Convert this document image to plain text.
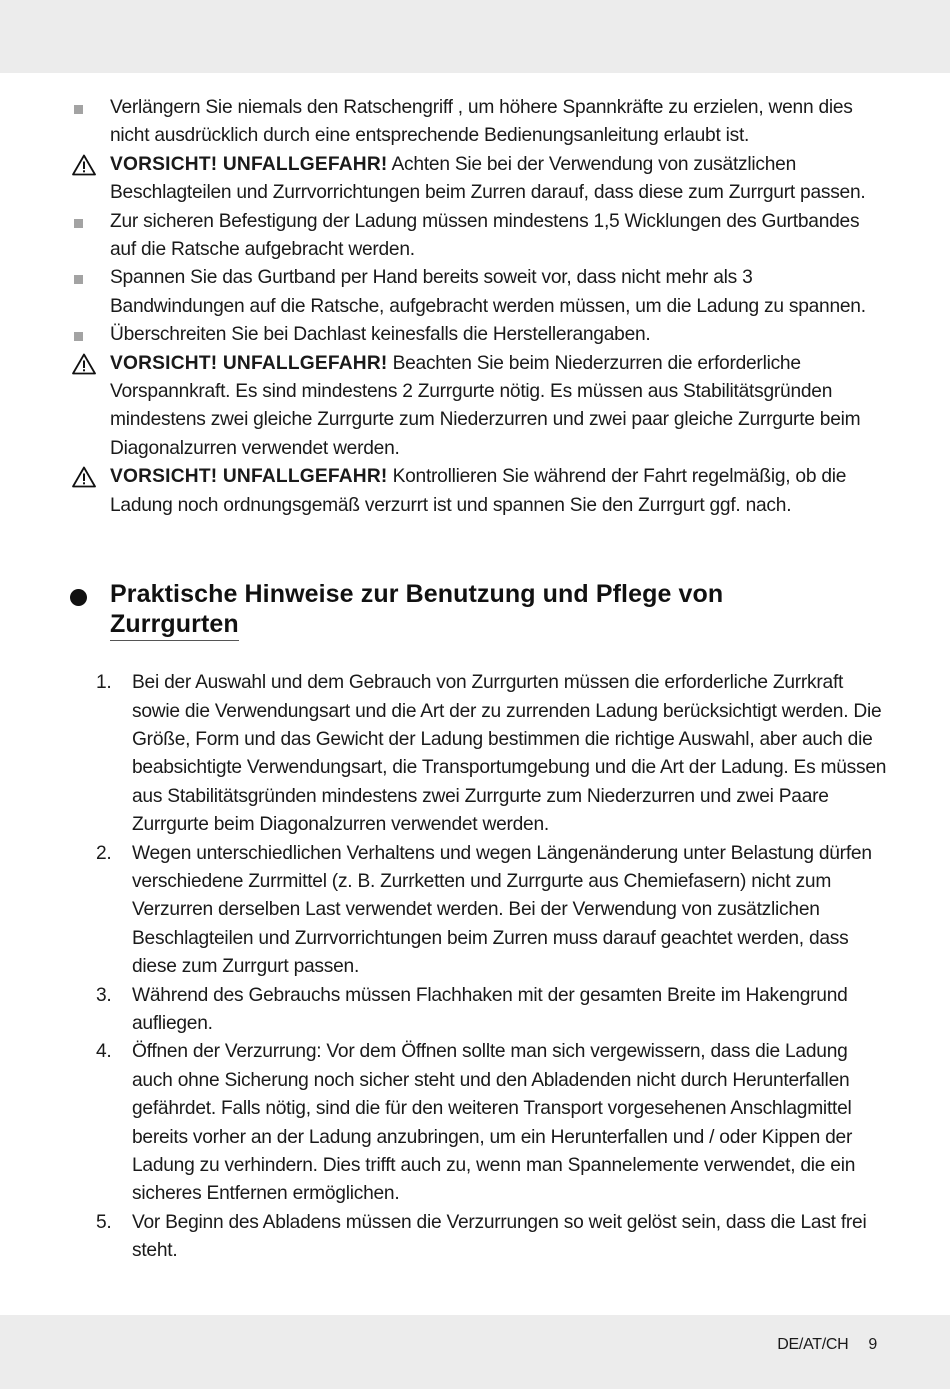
Verlängern Sie niemals den Ratschengriff , um höhere Spannkräfte zu erzielen, wenn dies nicht ausdrücklich durch eine entsprechende Bedienungsanleitung erlaubt ist.
VORSICHT! UNFALLGEFAHR! Achten Sie bei der Verwendung von zusätzlichen Beschlagteilen und Zurrvorrichtungen beim Zurren darauf, dass diese zum Zurrgurt passen.
Zur sicheren Befestigung der Ladung müssen mindestens 1,5 Wicklungen des Gurtbandes auf die Ratsche aufgebracht werden.
Spannen Sie das Gurtband per Hand bereits soweit vor, dass nicht mehr als 3 Bandwindungen auf die Ratsche, aufgebracht werden müssen, um die Ladung zu spannen.
Überschreiten Sie bei Dachlast keinesfalls die Herstellerangaben.
VORSICHT! UNFALLGEFAHR! Beachten Sie beim Niederzurren die erforderliche Vorspannkraft. Es sind mindestens 2 Zurrgurte nötig. Es müssen aus Stabilitätsgründen mindestens zwei gleiche Zurrgurte zum Niederzurren und zwei paar gleiche Zurrgurte beim Diagonalzurren verwendet werden.
VORSICHT! UNFALLGEFAHR! Kontrollieren Sie während der Fahrt regelmäßig, ob die Ladung noch ordnungsgemäß verzurrt ist und spannen Sie den Zurrgurt ggf. nach.
Praktische Hinweise zur Benutzung und Pflege von
Zurrgurten
1. Bei der Auswahl und dem Gebrauch von Zurrgurten müssen die erforderliche Zurrkraft sowie die Verwendungsart und die Art der zu zurrenden Ladung berücksichtigt werden. Die Größe, Form und das Gewicht der Ladung bestimmen die richtige Auswahl, aber auch die beabsichtigte Verwendungsart, die Transportumgebung und die Art der Ladung. Es müssen aus Stabilitätsgründen mindestens zwei Zurrgurte zum Niederzurren und zwei Paare Zurrgurte beim Diagonalzurren verwendet werden.
2. Wegen unterschiedlichen Verhaltens und wegen Längenänderung unter Belastung dürfen verschiedene Zurrmittel (z. B. Zurrketten und Zurrgurte aus Chemiefasern) nicht zum Verzurren derselben Last verwendet werden. Bei der Verwendung von zusätzlichen Beschlagteilen und Zurrvorrichtungen beim Zurren muss darauf geachtet werden, dass diese zum Zurrgurt passen.
3. Während des Gebrauchs müssen Flachhaken mit der gesamten Breite im Hakengrund aufliegen.
4. Öffnen der Verzurrung: Vor dem Öffnen sollte man sich vergewissern, dass die Ladung auch ohne Sicherung noch sicher steht und den Abladenden nicht durch Herunterfallen gefährdet. Falls nötig, sind die für den weiteren Transport vorgesehenen Anschlagmittel bereits vorher an der Ladung anzubringen, um ein Herunterfallen und / oder Kippen der Ladung zu verhindern. Dies trifft auch zu, wenn man Spannelemente verwendet, die ein sicheres Entfernen ermöglichen.
5. Vor Beginn des Abladens müssen die Verzurrungen so weit gelöst sein, dass die Last frei steht.
DE/AT/CH 9
